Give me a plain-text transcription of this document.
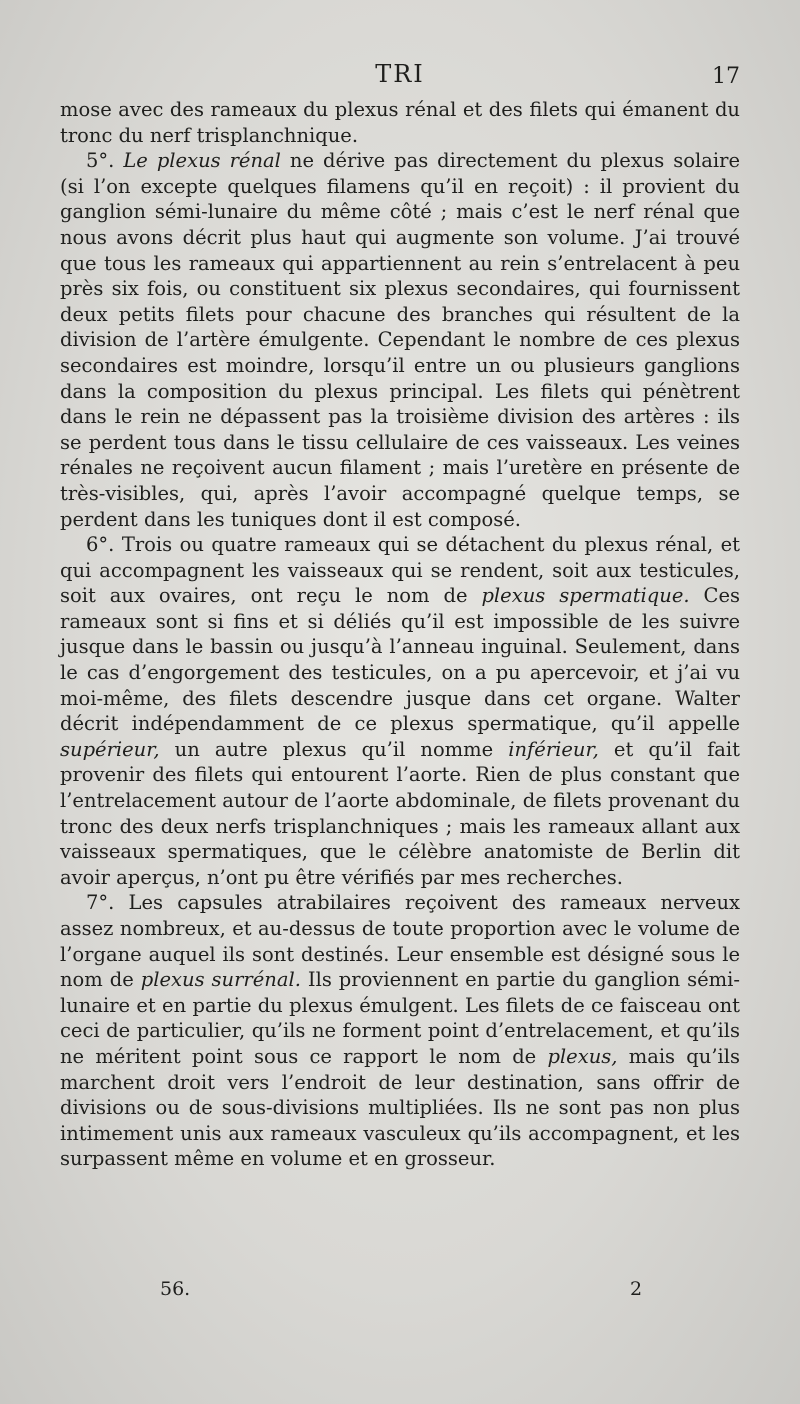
TRI	17

mose avec des rameaux du plexus rénal et des filets qui émanent du tronc du nerf trisplanchnique.

5°. Le plexus rénal ne dérive pas directement du plexus solaire (si l’on excepte quelques filamens qu’il en reçoit) : il provient du ganglion sémi-lunaire du même côté ; mais c’est le nerf rénal que nous avons décrit plus haut qui augmente son volume. J’ai trouvé que tous les rameaux qui appartiennent au rein s’entrelacent à peu près six fois, ou constituent six plexus secondaires, qui fournissent deux petits filets pour chacune des branches qui résultent de la division de l’artère émulgente. Cependant le nombre de ces plexus secondaires est moindre, lorsqu’il entre un ou plusieurs ganglions dans la composition du plexus principal. Les filets qui pénètrent dans le rein ne dépassent pas la troisième division des artères : ils se perdent tous dans le tissu cellulaire de ces vaisseaux. Les veines rénales ne reçoivent aucun filament ; mais l’uretère en présente de très-visibles, qui, après l’avoir accompagné quelque temps, se perdent dans les tuniques dont il est composé.

6°. Trois ou quatre rameaux qui se détachent du plexus rénal, et qui accompagnent les vaisseaux qui se rendent, soit aux testicules, soit aux ovaires, ont reçu le nom de plexus spermatique. Ces rameaux sont si fins et si déliés qu’il est impossible de les suivre jusque dans le bassin ou jusqu’à l’anneau inguinal. Seulement, dans le cas d’engorgement des testicules, on a pu apercevoir, et j’ai vu moi-même, des filets descendre jusque dans cet organe. Walter décrit indépendamment de ce plexus spermatique, qu’il appelle supérieur, un autre plexus qu’il nomme inférieur, et qu’il fait provenir des filets qui entourent l’aorte. Rien de plus constant que l’entrelacement autour de l’aorte abdominale, de filets provenant du tronc des deux nerfs trisplanchniques ; mais les rameaux allant aux vaisseaux spermatiques, que le célèbre anatomiste de Berlin dit avoir aperçus, n’ont pu être vérifiés par mes recherches.

7°. Les capsules atrabilaires reçoivent des rameaux nerveux assez nombreux, et au-dessus de toute proportion avec le volume de l’organe auquel ils sont destinés. Leur ensemble est désigné sous le nom de plexus surrénal. Ils proviennent en partie du ganglion sémi-lunaire et en partie du plexus émulgent. Les filets de ce faisceau ont ceci de particulier, qu’ils ne forment point d’entrelacement, et qu’ils ne méritent point sous ce rapport le nom de plexus, mais qu’ils marchent droit vers l’endroit de leur destination, sans offrir de divisions ou de sous-divisions multipliées. Ils ne sont pas non plus intimement unis aux rameaux vasculeux qu’ils accompagnent, et les surpassent même en volume et en grosseur.

56.	2
